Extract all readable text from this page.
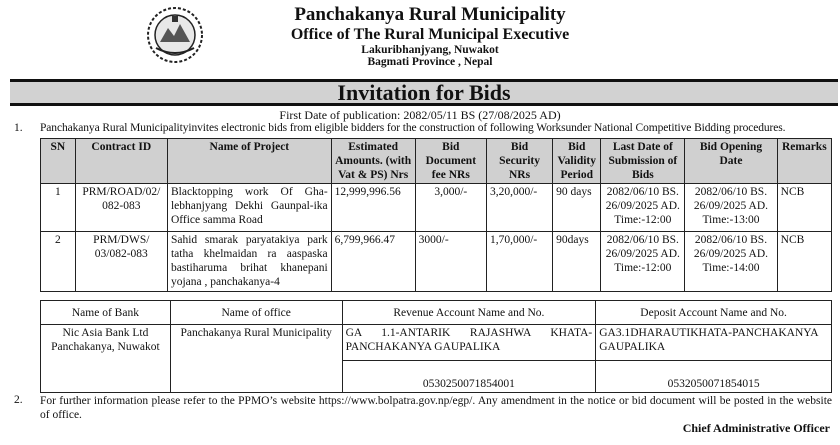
Panchakanya Rural Municipality
Office of The Rural Municipal Executive
Lakuribhanjyang, Nuwakot
Bagmati Province , Nepal
Invitation for Bids
First Date of publication: 2082/05/11 BS (27/08/2025 AD)
1. Panchakanya Rural Municipalityinvites electronic bids from eligible bidders for the construction of following Worksunder National Competitive Bidding procedures.
SN	Contract ID	Name of Project	Estimated Amounts. (with Vat & PS) Nrs	Bid Document fee NRs	Bid Security NRs	Bid Validity Period	Last Date of Submission of Bids	Bid Opening Date	Remarks
1	PRM/ROAD/02/ 082-083	Blacktopping work Of Gha-lebhanjyang Dekhi Gaunpal-ika Office samma Road	12,999,996.56	3,000/-	3,20,000/-	90 days	2082/06/10 BS. 26/09/2025 AD. Time:-12:00	2082/06/10 BS. 26/09/2025 AD. Time:-13:00	NCB
2	PRM/DWS/ 03/082-083	Sahid smarak paryatakiya park tatha khelmaidan ra aaspaska bastiharuma brihat khanepani yojana , panchakanya-4	6,799,966.47	3000/-	1,70,000/-	90days	2082/06/10 BS. 26/09/2025 AD. Time:-12:00	2082/06/10 BS. 26/09/2025 AD. Time:-14:00	NCB
Name of Bank	Name of office	Revenue Account Name and No.	Deposit Account Name and No.
Nic Asia Bank Ltd Panchakanya, Nuwakot	Panchakanya Rural Municipality	GA 1.1-ANTARIK RAJASHWA KHATA-PANCHAKANYA GAUPALIKA	GA3.1DHARAUTIKHATA-PANCHAKANYA GAUPALIKA
		0530250071854001	0532050071854015
2. For further information please refer to the PPMO’s website https://www.bolpatra.gov.np/egp/. Any amendment in the notice or bid document will be posted in the website of office.
Chief Administrative Officer
